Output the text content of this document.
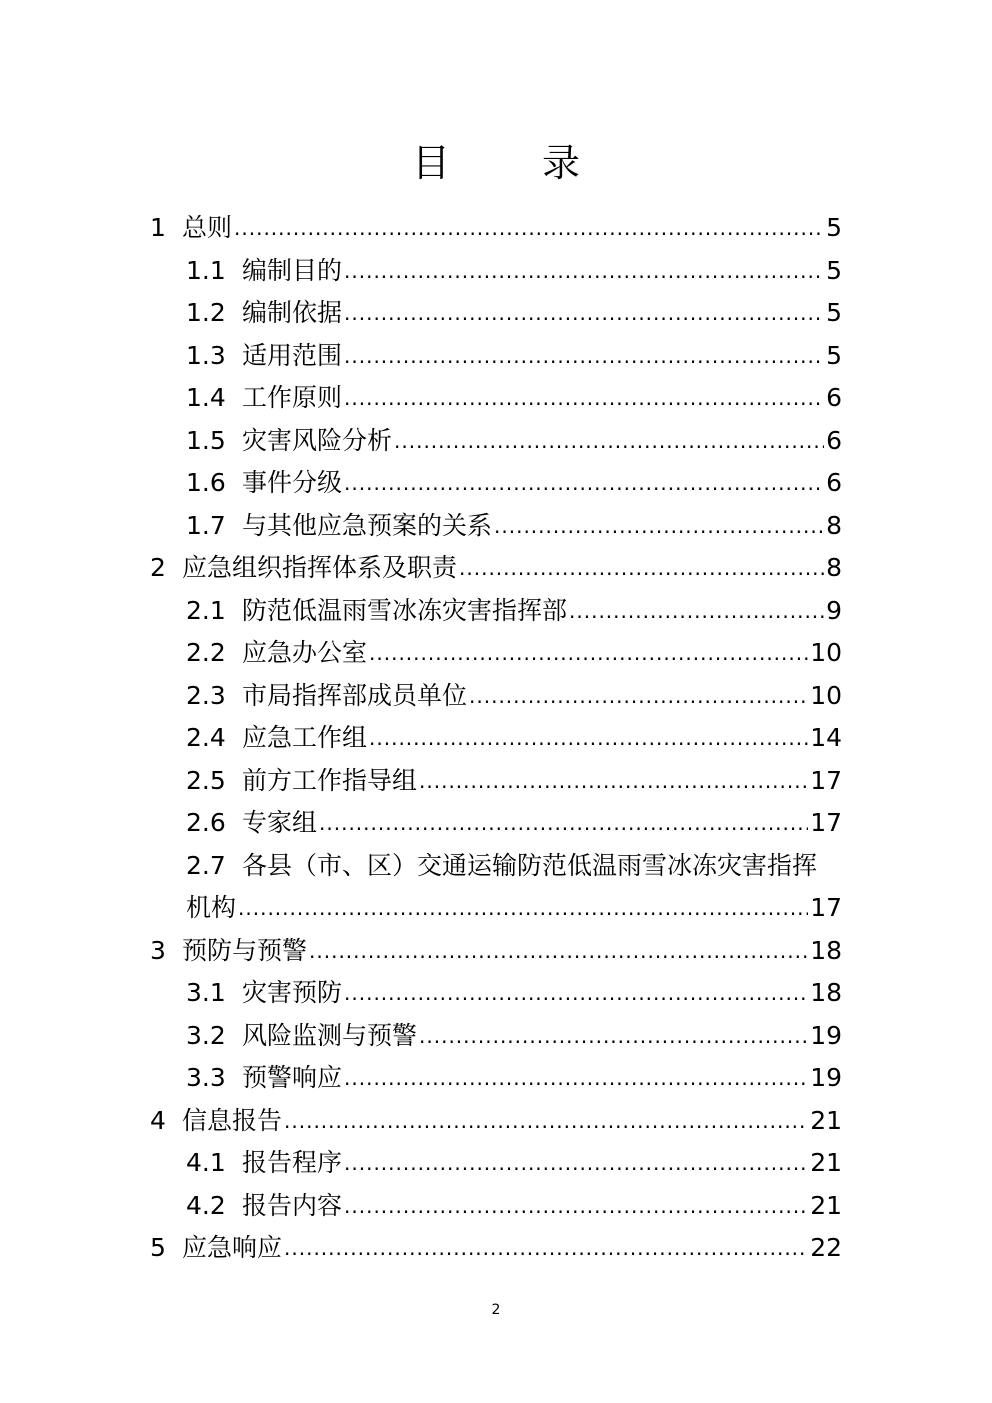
目 录
1 总则 .....	5
1.1 编制目的 .....	5
1.2 编制依据 .....	5
1.3 适用范围 .....	5
1.4 工作原则 .....	6
1.5 灾害风险分析 .....	6
1.6 事件分级 .....	6
1.7 与其他应急预案的关系 .....	8
2 应急组织指挥体系及职责 .....	8
2.1 防范低温雨雪冰冻灾害指挥部 .....	9
2.2 应急办公室 .....	10
2.3 市局指挥部成员单位 .....	10
2.4 应急工作组 .....	14
2.5 前方工作指导组 .....	17
2.6 专家组 .....	17
2.7 各县（市、区）交通运输防范低温雨雪冰冻灾害指挥
机构 .....	17
3 预防与预警 .....	18
3.1 灾害预防 .....	18
3.2 风险监测与预警 .....	19
3.3 预警响应 .....	19
4 信息报告 .....	21
4.1 报告程序 .....	21
4.2 报告内容 .....	21
5 应急响应 .....	22
2
